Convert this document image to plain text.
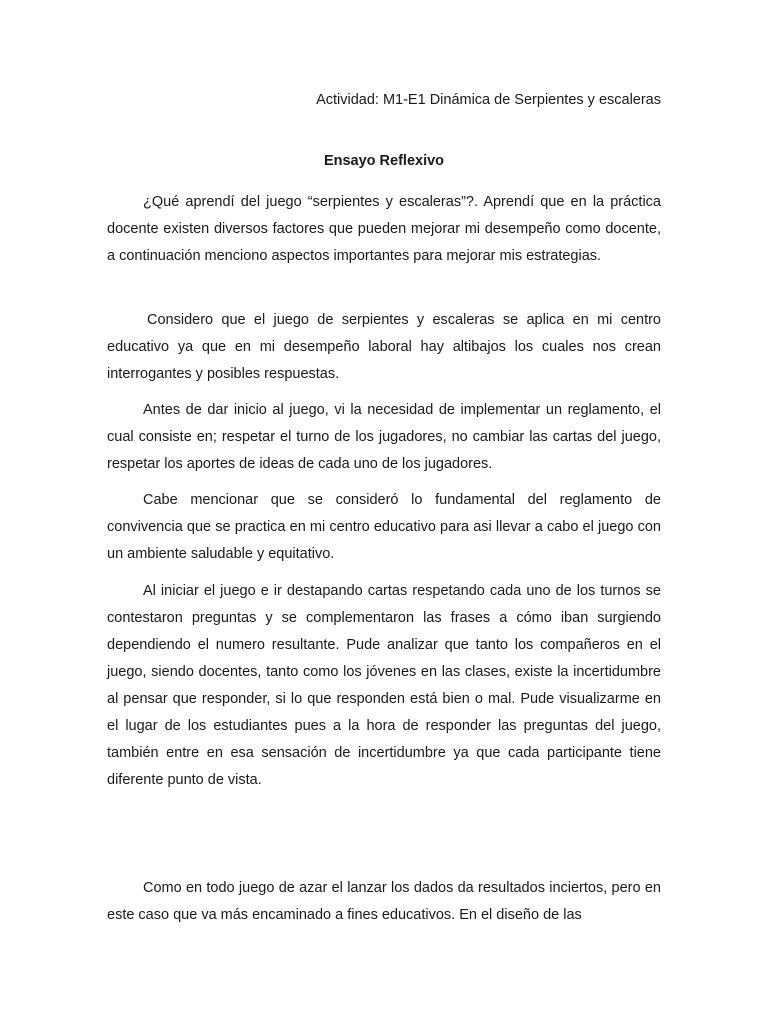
Actividad: M1-E1 Dinámica de Serpientes y escaleras
Ensayo Reflexivo

¿Qué aprendí del juego “serpientes y escaleras”?. Aprendí que en la práctica docente existen diversos factores que pueden mejorar mi desempeño como docente, a continuación menciono aspectos importantes para mejorar mis estrategias.

Considero que el juego de serpientes y escaleras se aplica en mi centro educativo ya que en mi desempeño laboral hay altibajos los cuales nos crean interrogantes y posibles respuestas.

Antes de dar inicio al juego, vi la necesidad de implementar un reglamento, el cual consiste en; respetar el turno de los jugadores, no cambiar las cartas del juego, respetar los aportes de ideas de cada uno de los jugadores.

Cabe mencionar que se consideró lo fundamental del reglamento de convivencia que se practica en mi centro educativo para asi llevar a cabo el juego con un ambiente saludable y equitativo.

Al iniciar el juego e ir destapando cartas respetando cada uno de los turnos se contestaron preguntas y se complementaron las frases a cómo iban surgiendo dependiendo el numero resultante. Pude analizar que tanto los compañeros en el juego, siendo docentes, tanto como los jóvenes en las clases, existe la incertidumbre al pensar que responder, si lo que responden está bien o mal. Pude visualizarme en el lugar de los estudiantes pues a la hora de responder las preguntas del juego, también entre en esa sensación de incertidumbre ya que cada participante tiene diferente punto de vista.

Como en todo juego de azar el lanzar los dados da resultados inciertos, pero en este caso que va más encaminado a fines educativos. En el diseño de las
